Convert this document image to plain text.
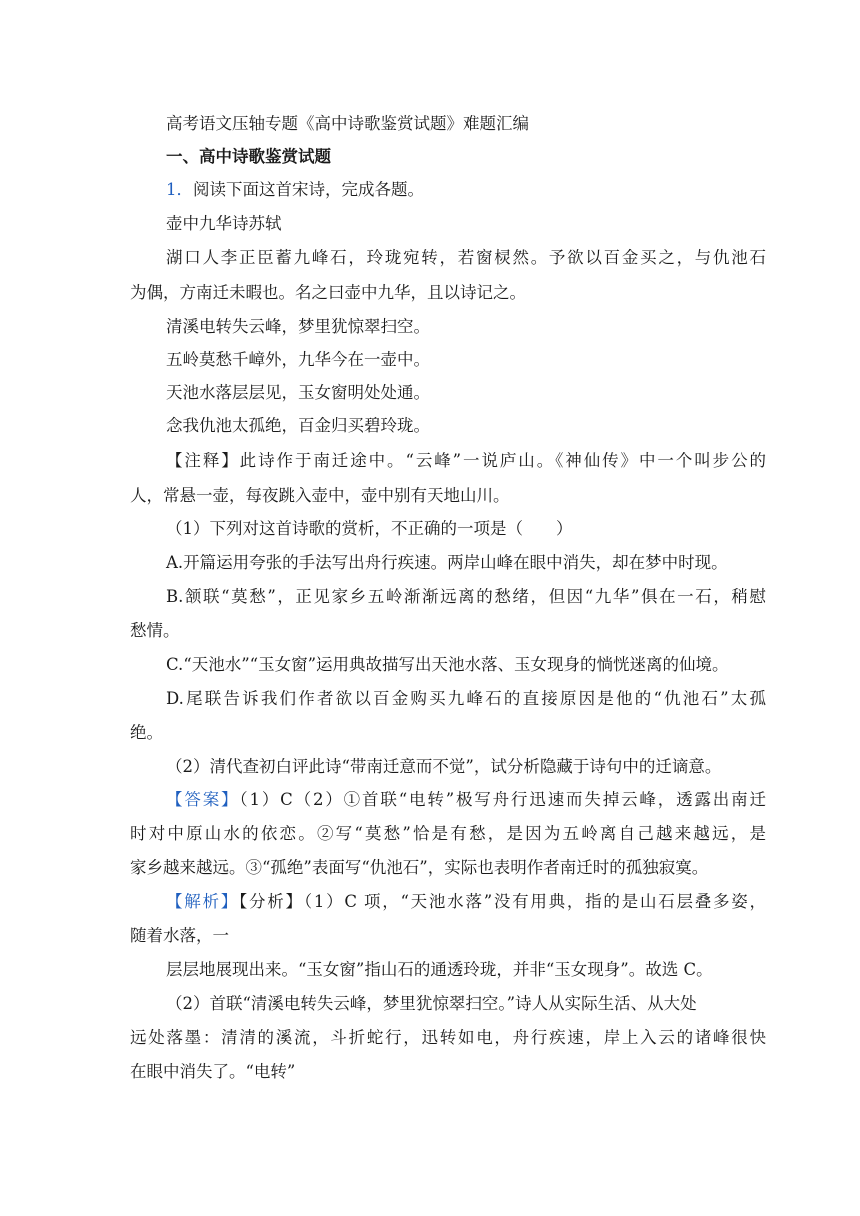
高考语文压轴专题《高中诗歌鉴赏试题》难题汇编
一、高中诗歌鉴赏试题
1．阅读下面这首宋诗，完成各题。
壶中九华诗苏轼
湖口人李正臣蓄九峰石，玲珑宛转，若窗棂然。予欲以百金买之，与仇池石
为偶，方南迁未暇也。名之曰壶中九华，且以诗记之。
清溪电转失云峰，梦里犹惊翠扫空。
五岭莫愁千嶂外，九华今在一壶中。
天池水落层层见，玉女窗明处处通。
念我仇池太孤绝，百金归买碧玲珑。
【注释】此诗作于南迁途中。“云峰”一说庐山。《神仙传》中一个叫步公的
人，常悬一壶，每夜跳入壶中，壶中别有天地山川。
（1）下列对这首诗歌的赏析，不正确的一项是（　　）
A.开篇运用夸张的手法写出舟行疾速。两岸山峰在眼中消失，却在梦中时现。
B.颔联“莫愁”，正见家乡五岭渐渐远离的愁绪，但因“九华”俱在一石，稍慰
愁情。
C.“天池水”“玉女窗”运用典故描写出天池水落、玉女现身的惝恍迷离的仙境。
D.尾联告诉我们作者欲以百金购买九峰石的直接原因是他的“仇池石”太孤
绝。
（2）清代查初白评此诗“带南迁意而不觉”，试分析隐藏于诗句中的迁谪意。
【答案】（1）C（2）①首联“电转”极写舟行迅速而失掉云峰，透露出南迁
时对中原山水的依恋。②写“莫愁”恰是有愁，是因为五岭离自己越来越远，是
家乡越来越远。③“孤绝”表面写“仇池石”，实际也表明作者南迁时的孤独寂寞。
【解析】【分析】（1）C 项，“天池水落”没有用典，指的是山石层叠多姿，
随着水落，一
层层地展现出来。“玉女窗”指山石的通透玲珑，并非“玉女现身”。故选 C。
（2）首联“清溪电转失云峰，梦里犹惊翠扫空。”诗人从实际生活、从大处
远处落墨：清清的溪流，斗折蛇行，迅转如电，舟行疾速，岸上入云的诸峰很快
在眼中消失了。“电转”
